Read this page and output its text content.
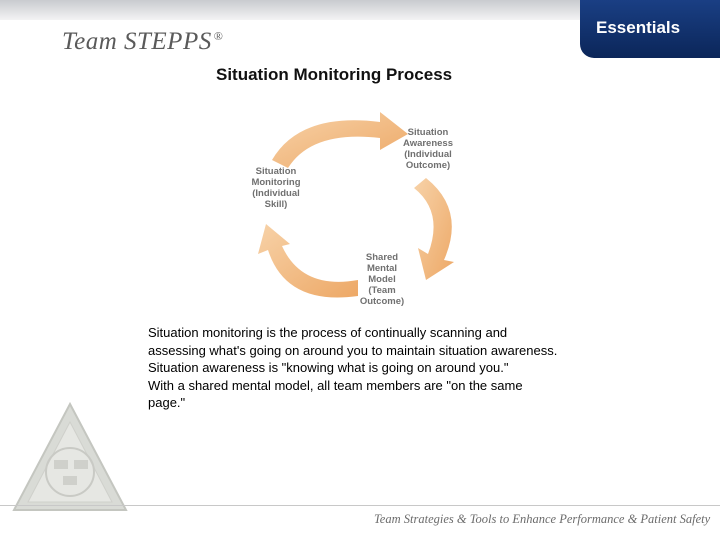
Essentials
Team STEPPS ®
Situation Monitoring Process
Situation
Awareness
(Individual
Outcome)
Shared
Mental
Model
(Team
Outcome)
Situation
Monitoring
(Individual
Skill)

Situation monitoring is the process of continually scanning and assessing what's going on around you to maintain situation awareness.

Situation awareness is "knowing what is going on around you."

With a shared mental model, all team members are "on the same page."

Team Strategies & Tools to Enhance Performance & Patient Safety
